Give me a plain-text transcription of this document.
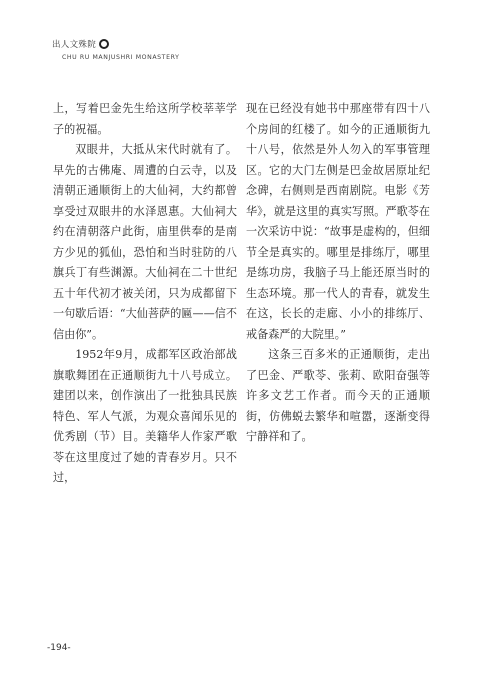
出人文殊院
CHU RU MANJUSHRI MONASTERY

上，写着巴金先生给这所学校莘莘学子的祝福。

双眼井，大抵从宋代时就有了。早先的古佛庵、周遭的白云寺，以及清朝正通顺街上的大仙祠，大约都曾享受过双眼井的水泽恩惠。大仙祠大约在清朝落户此街，庙里供奉的是南方少见的狐仙，恐怕和当时驻防的八旗兵丁有些渊源。大仙祠在二十世纪五十年代初才被关闭，只为成都留下一句歇后语：“大仙菩萨的匾——信不信由你”。

1952年9月，成都军区政治部战旗歌舞团在正通顺街九十八号成立。建团以来，创作演出了一批独具民族特色、军人气派，为观众喜闻乐见的优秀剧（节）目。美籍华人作家严歌苓在这里度过了她的青春岁月。只不过，

现在已经没有她书中那座带有四十八个房间的红楼了。如今的正通顺街九十八号，依然是外人勿入的军事管理区。它的大门左侧是巴金故居原址纪念碑，右侧则是西南剧院。电影《芳华》，就是这里的真实写照。严歌苓在一次采访中说：“故事是虚构的，但细节全是真实的。哪里是排练厅，哪里是练功房，我脑子马上能还原当时的生态环境。那一代人的青春，就发生在这，长长的走廊、小小的排练厅、戒备森严的大院里。”

这条三百多米的正通顺街，走出了巴金、严歌苓、张莉、欧阳奋强等许多文艺工作者。而今天的正通顺街，仿佛蜕去繁华和喧嚣，逐渐变得宁静祥和了。

-194-
